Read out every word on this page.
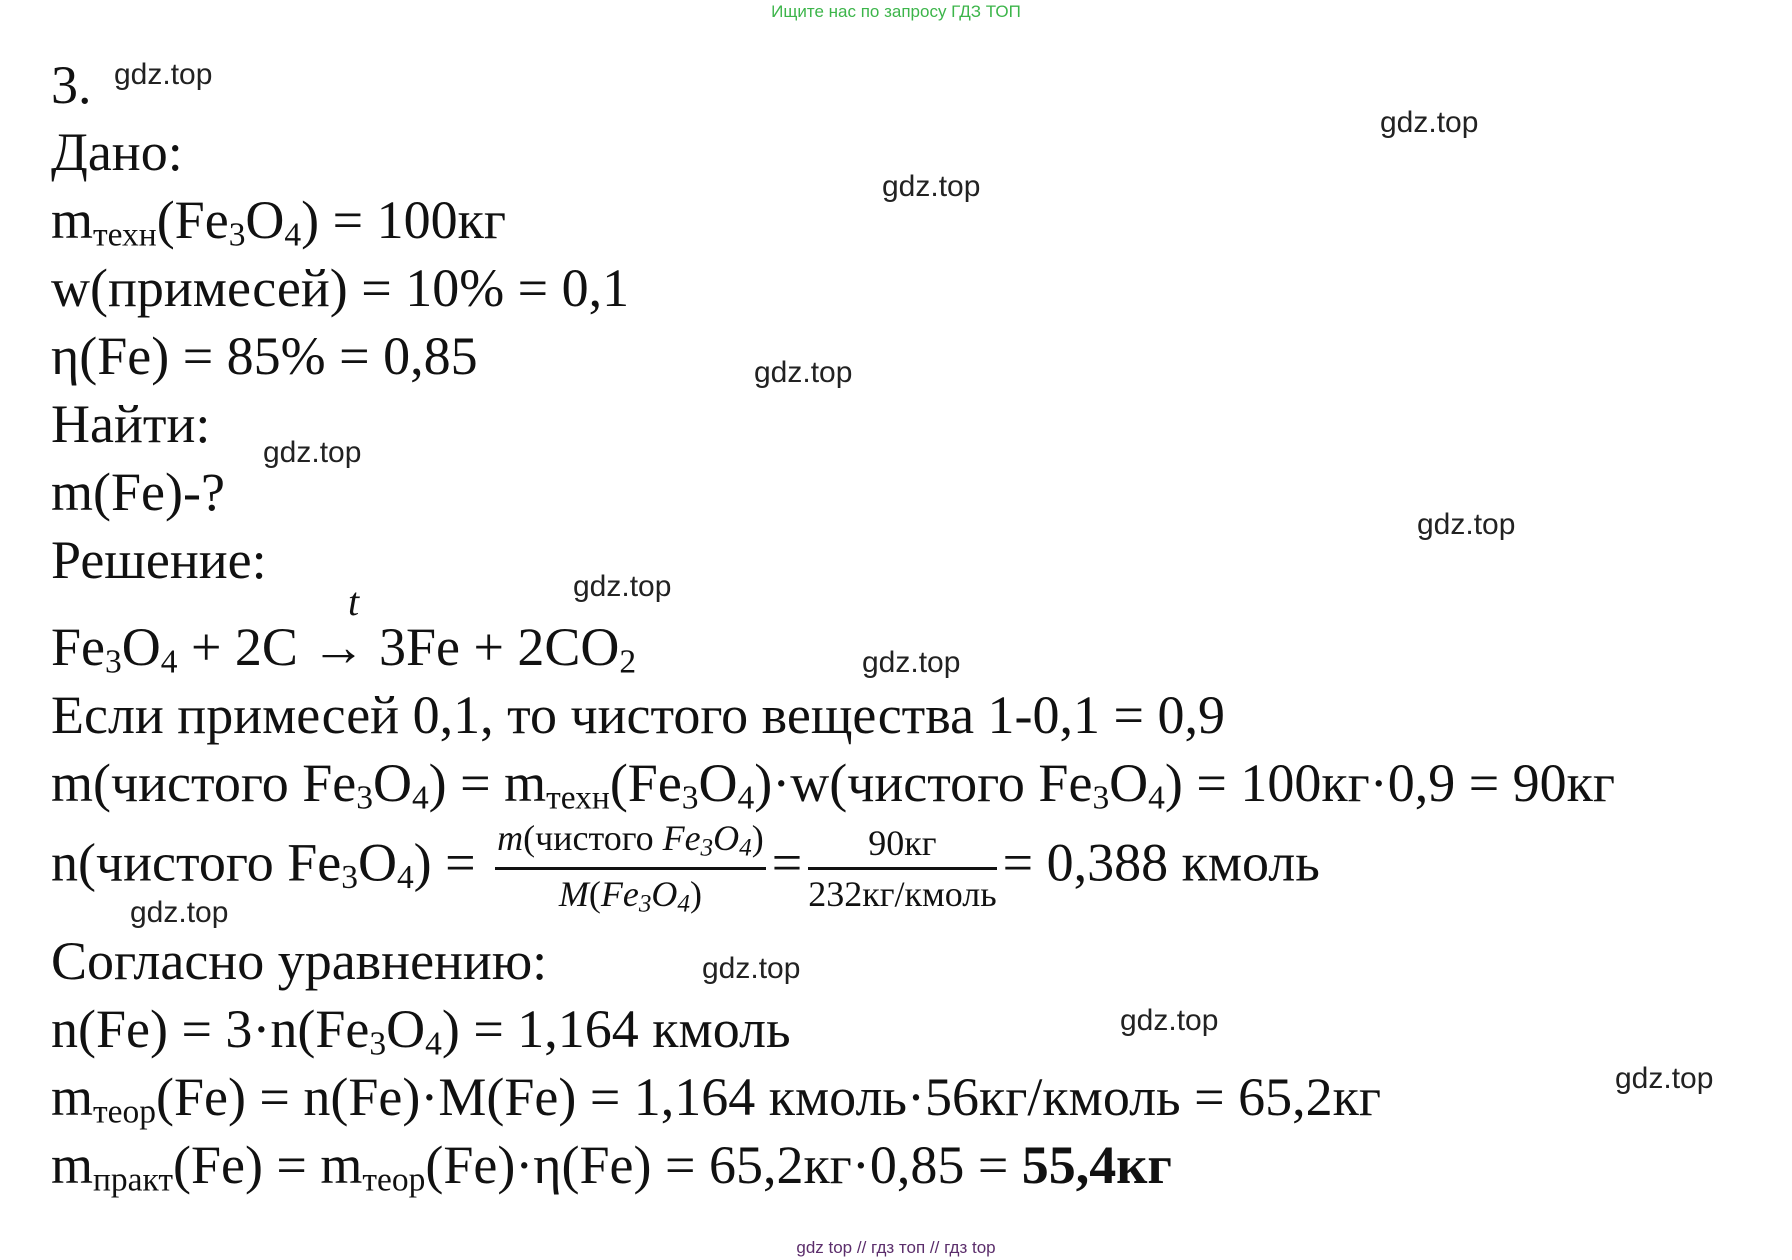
Ищите нас по запросу ГДЗ ТОП
gdz.top
gdz.top
gdz.top
gdz.top
gdz.top
gdz.top
gdz.top
gdz.top
gdz.top
gdz.top
gdz.top
gdz.top
3.
Дано:
$m_{техн}(Fe_3O_4) = 100кг$
w(примесей) = 10% = 0,1
η(Fe) = 85% = 0,85
Найти:
m(Fe)-?
Решение:
t
$Fe_3O_4 + 2C \to 3Fe + 2CO_2$
Если примесей 0,1, то чистого вещества 1-0,1 = 0,9
m(чистого $Fe_3O_4$) = $m_{техн}(Fe_3O_4)\cdot w(чистого$ $Fe_3O_4) = 100кг\cdot 0,9 = 90кг$
n(чистого $Fe_3O_4) = \frac{\text{m(чистого Fe3O4)}}{M(Fe3O4)} = \frac{90кг}{\text{232кг/кмоль}} = 0,388$ кмоль
Согласно уравнению:
$n(Fe) = 3\cdot n(Fe_3O_4) = 1,164$ кмоль
$m_{теор}(Fe) = n(Fe)\cdot M(Fe) = 1,164$ кмоль·56кг/кмоль = 65,2кг
$m_{практ}(Fe) = m_{теор}(Fe)\cdot\eta(Fe) = 65,2кг\cdot 0,85 = 55,4кг$
gdz top // гдз топ // гдз top
